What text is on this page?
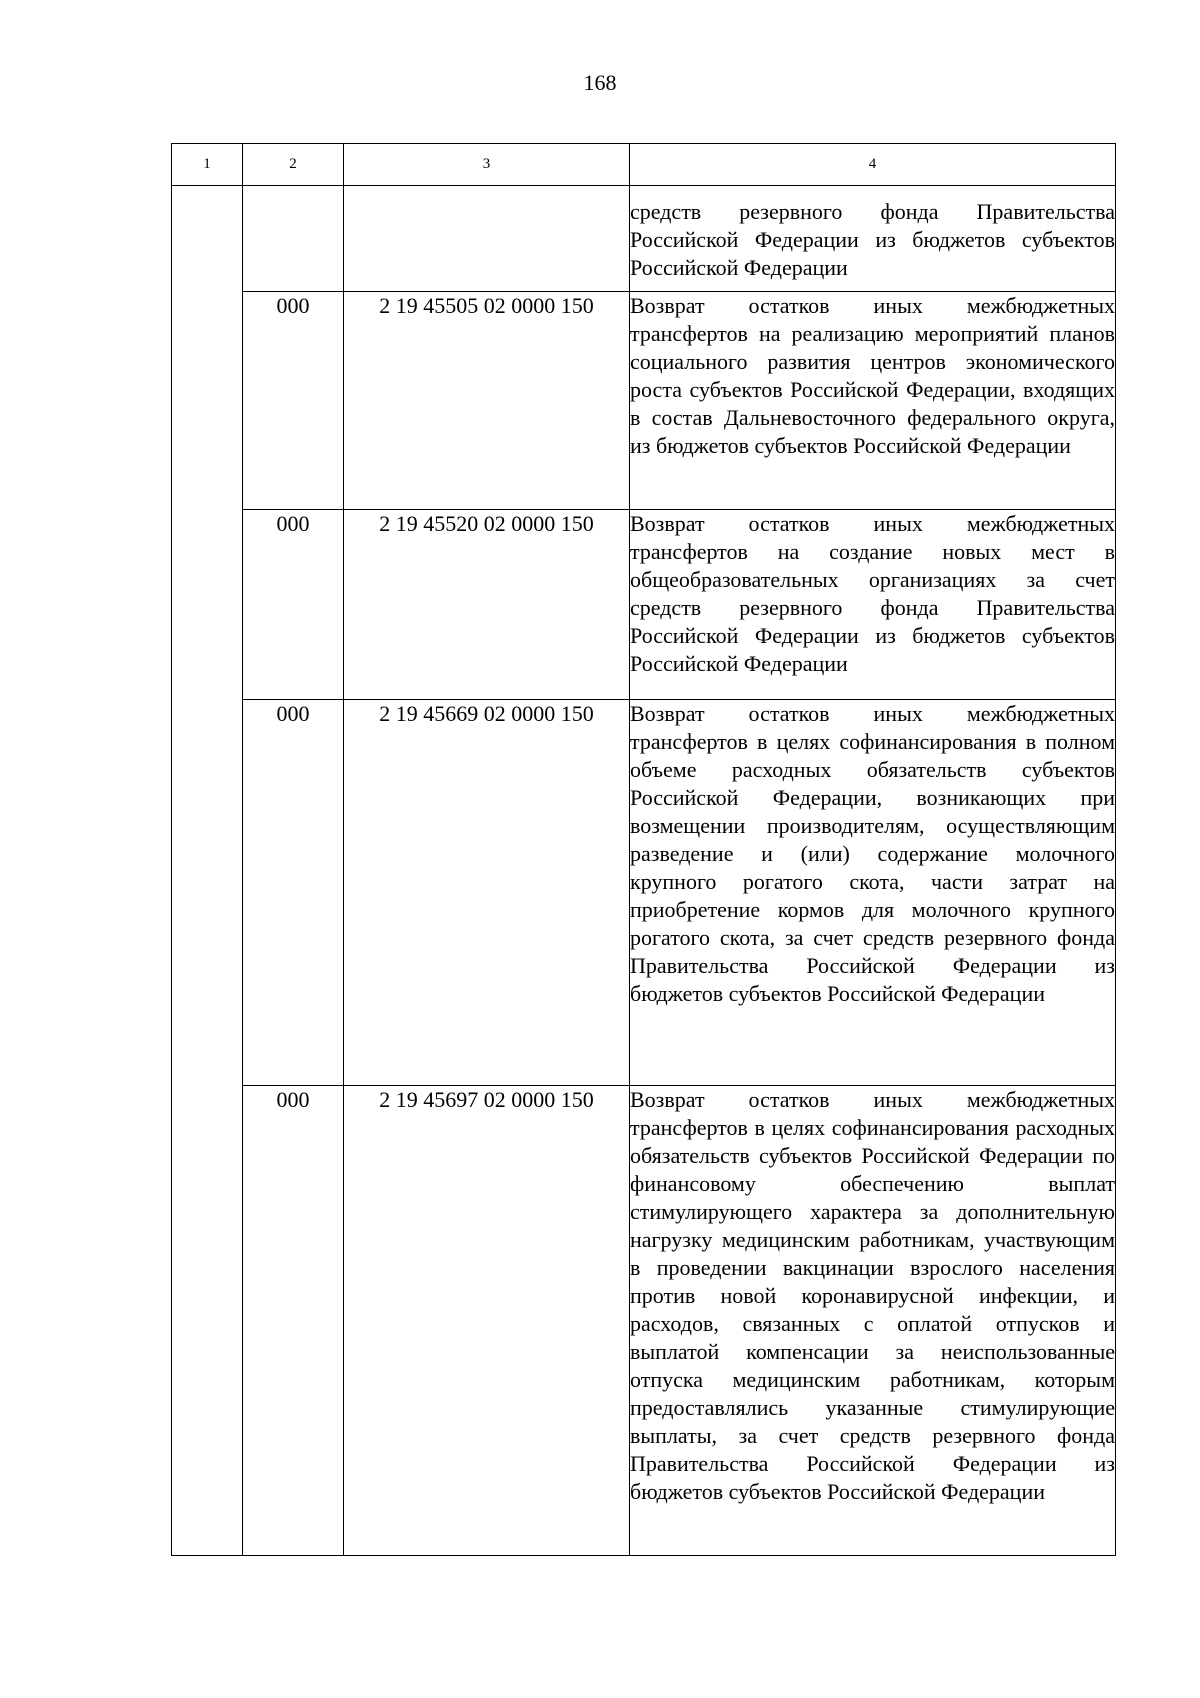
168
1	2	3	4
			средств резервного фонда Правительства Российской Федерации из бюджетов субъектов Российской Федерации
	000	2 19 45505 02 0000 150	Возврат остатков иных межбюджетных трансфертов на реализацию мероприятий планов социального развития центров экономического роста субъектов Российской Федерации, входящих в состав Дальневосточного федерального округа, из бюджетов субъектов Российской Федерации
	000	2 19 45520 02 0000 150	Возврат остатков иных межбюджетных трансфертов на создание новых мест в общеобразовательных организациях за счет средств резервного фонда Правительства Российской Федерации из бюджетов субъектов Российской Федерации
	000	2 19 45669 02 0000 150	Возврат остатков иных межбюджетных трансфертов в целях софинансирования в полном объеме расходных обязательств субъектов Российской Федерации, возникающих при возмещении производителям, осуществляющим разведение и (или) содержание молочного крупного рогатого скота, части затрат на приобретение кормов для молочного крупного рогатого скота, за счет средств резервного фонда Правительства Российской Федерации из бюджетов субъектов Российской Федерации
	000	2 19 45697 02 0000 150	Возврат остатков иных межбюджетных трансфертов в целях софинансирования расходных обязательств субъектов Российской Федерации по финансовому обеспечению выплат стимулирующего характера за дополнительную нагрузку медицинским работникам, участвующим в проведении вакцинации взрослого населения против новой коронавирусной инфекции, и расходов, связанных с оплатой отпусков и выплатой компенсации за неиспользованные отпуска медицинским работникам, которым предоставлялись указанные стимулирующие выплаты, за счет средств резервного фонда Правительства Российской Федерации из бюджетов субъектов Российской Федерации
